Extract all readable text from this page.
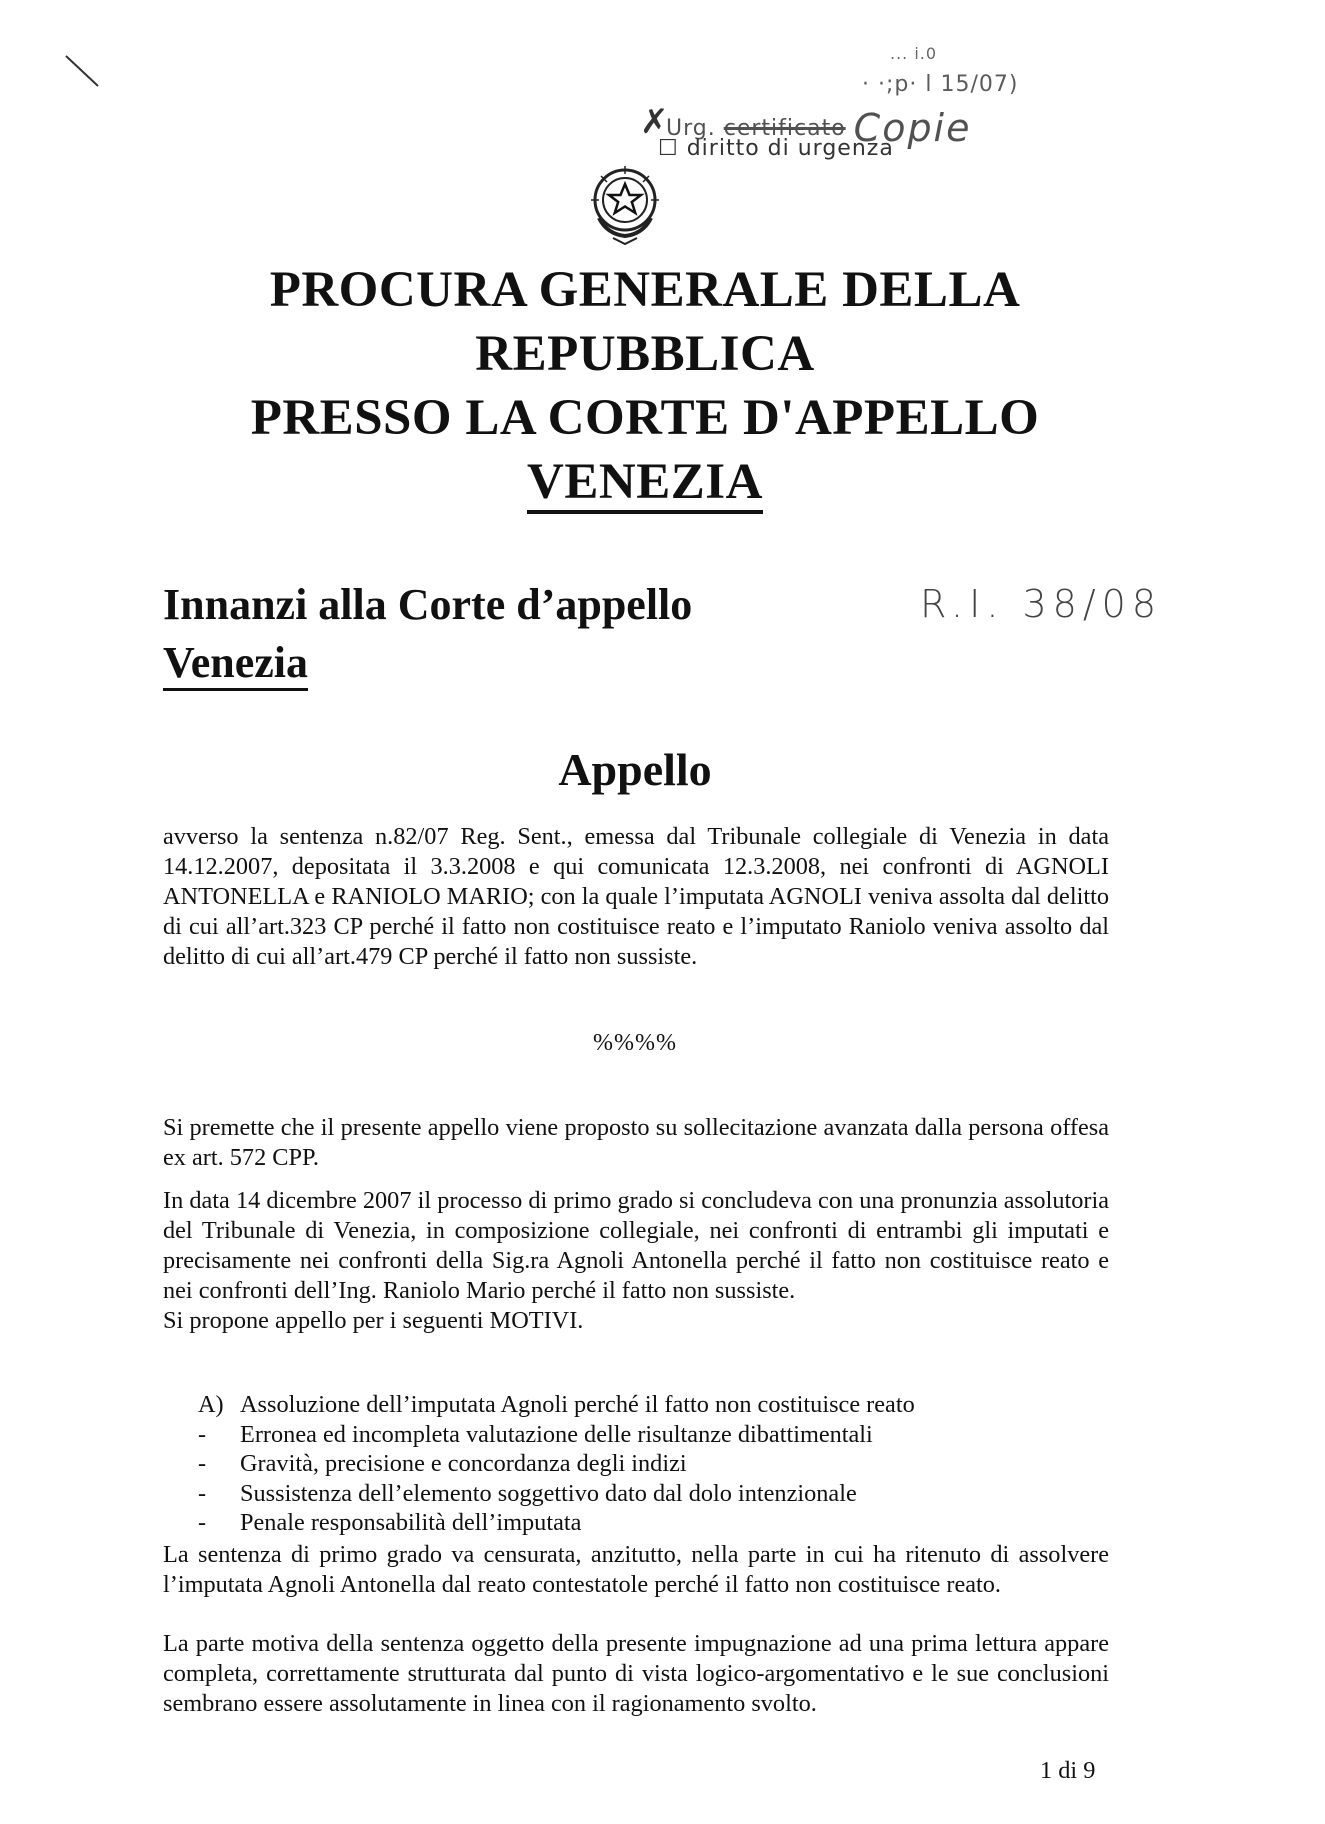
... i.0
· ·;p· l 15/07)
✗
Urg. certificato Copie
☐ diritto di urgenza
PROCURA GENERALE DELLA
REPUBBLICA
PRESSO LA CORTE D'APPELLO
VENEZIA
Innanzi alla Corte d’appello
Venezia
R.I. 38/08
Appello
avverso la sentenza n.82/07 Reg. Sent., emessa dal Tribunale collegiale di Venezia in data 14.12.2007, depositata il 3.3.2008 e qui comunicata 12.3.2008, nei confronti di AGNOLI ANTONELLA e RANIOLO MARIO; con la quale l’imputata AGNOLI veniva assolta dal delitto di cui all’art.323 CP perché il fatto non costituisce reato e l’imputato Raniolo veniva assolto dal delitto di cui all’art.479 CP perché il fatto non sussiste.
%%%%
Si premette che il presente appello viene proposto su sollecitazione avanzata dalla persona offesa ex art. 572 CPP.
In data 14 dicembre 2007 il processo di primo grado si concludeva con una pronunzia assolutoria del Tribunale di Venezia, in composizione collegiale, nei confronti di entrambi gli imputati e precisamente nei confronti della Sig.ra Agnoli Antonella perché il fatto non costituisce reato e nei confronti dell’Ing. Raniolo Mario perché il fatto non sussiste.
Si propone appello per i seguenti MOTIVI.
A) Assoluzione dell’imputata Agnoli perché il fatto non costituisce reato
- Erronea ed incompleta valutazione delle risultanze dibattimentali
- Gravità, precisione e concordanza degli indizi
- Sussistenza dell’elemento soggettivo dato dal dolo intenzionale
- Penale responsabilità dell’imputata
La sentenza di primo grado va censurata, anzitutto, nella parte in cui ha ritenuto di assolvere l’imputata Agnoli Antonella dal reato contestatole perché il fatto non costituisce reato.
La parte motiva della sentenza oggetto della presente impugnazione ad una prima lettura appare completa, correttamente strutturata dal punto di vista logico-argomentativo e le sue conclusioni sembrano essere assolutamente in linea con il ragionamento svolto.
1 di 9
